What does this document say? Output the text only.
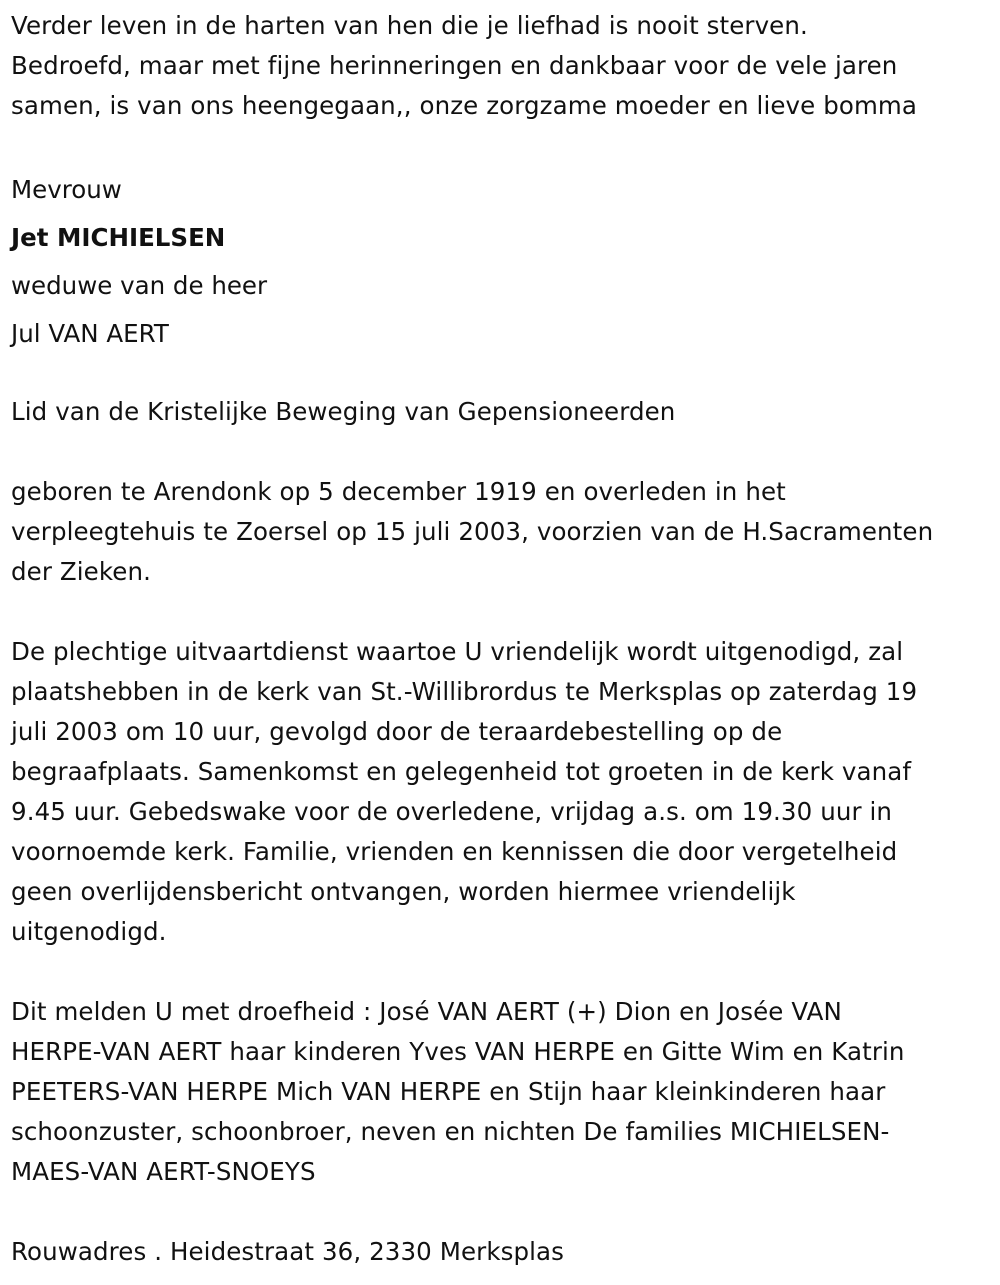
Verder leven in de harten van hen die je liefhad is nooit sterven.
Bedroefd, maar met fijne herinneringen en dankbaar voor de vele jaren
samen, is van ons heengegaan,, onze zorgzame moeder en lieve bomma

Mevrouw

Jet MICHIELSEN

weduwe van de heer

Jul VAN AERT

Lid van de Kristelijke Beweging van Gepensioneerden

geboren te Arendonk op 5 december 1919 en overleden in het
verpleegtehuis te Zoersel op 15 juli 2003, voorzien van de H.Sacramenten
der Zieken.

De plechtige uitvaartdienst waartoe U vriendelijk wordt uitgenodigd, zal
plaatshebben in de kerk van St.-Willibrordus te Merksplas op zaterdag 19
juli 2003 om 10 uur, gevolgd door de teraardebestelling op de
begraafplaats. Samenkomst en gelegenheid tot groeten in de kerk vanaf
9.45 uur. Gebedswake voor de overledene, vrijdag a.s. om 19.30 uur in
voornoemde kerk. Familie, vrienden en kennissen die door vergetelheid
geen overlijdensbericht ontvangen, worden hiermee vriendelijk
uitgenodigd.

Dit melden U met droefheid : José VAN AERT (+) Dion en Josée VAN
HERPE-VAN AERT haar kinderen Yves VAN HERPE en Gitte Wim en Katrin
PEETERS-VAN HERPE Mich VAN HERPE en Stijn haar kleinkinderen haar
schoonzuster, schoonbroer, neven en nichten De families MICHIELSEN-
MAES-VAN AERT-SNOEYS

Rouwadres . Heidestraat 36, 2330 Merksplas
